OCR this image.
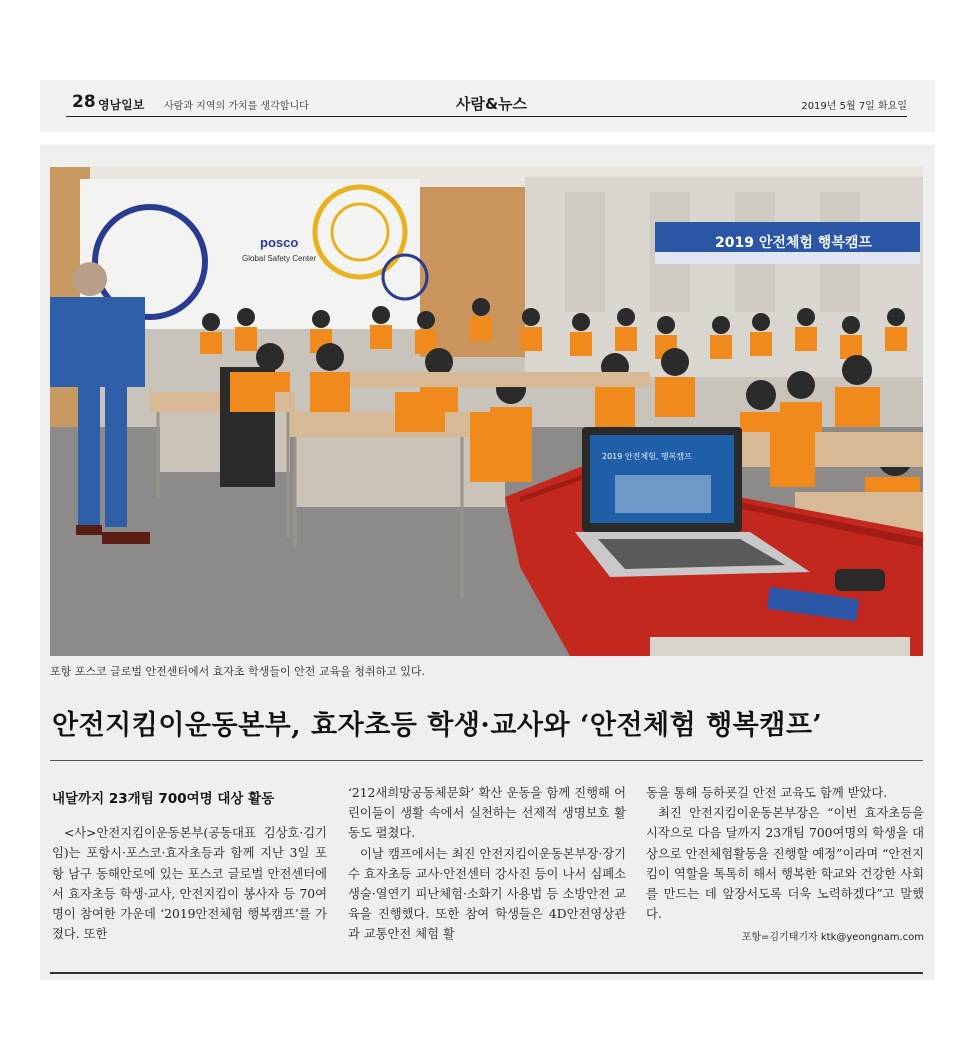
28 영남일보 사람과 지역의 가치를 생각합니다	사람&뉴스	2019년 5월 7일 화요일
posco
Global Safety Center
2019 안전체험 행복캠프
2019 안전체험, 행복캠프
포항 포스코 글로벌 안전센터에서 효자초 학생들이 안전 교육을 청취하고 있다.
안전지킴이운동본부, 효자초등 학생·교사와 ‘안전체험 행복캠프’
내달까지 23개팀 700여명 대상 활동

<사>안전지킴이운동본부(공동대표 김상호·김기임)는 포항시·포스코·효자초등과 함께 지난 3일 포항 남구 동해안로에 있는 포스코 글로벌 안전센터에서 효자초등 학생·교사, 안전지킴이 봉사자 등 70여명이 참여한 가운데 ‘2019안전체험 행복캠프’를 가졌다. 또한

‘212새희망공동체문화’ 확산 운동을 함께 진행해 어린이들이 생활 속에서 실천하는 선제적 생명보호 활동도 펼쳤다.

이날 캠프에서는 최진 안전지킴이운동본부장·장기수 효자초등 교사·안전센터 강사진 등이 나서 심폐소생술·열연기 피난체험·소화기 사용법 등 소방안전 교육을 진행했다. 또한 참여 학생들은 4D안전영상관과 교통안전 체험 활

동을 통해 등하굣길 안전 교육도 함께 받았다.

최진 안전지킴이운동본부장은 “이번 효자초등을 시작으로 다음 달까지 23개팀 700여명의 학생을 대상으로 안전체험활동을 진행할 예정”이라며 “안전지킴이 역할을 톡톡히 해서 행복한 학교와 건강한 사회를 만드는 데 앞장서도록 더욱 노력하겠다”고 말했다.

포항=김기태기자 ktk@yeongnam.com
